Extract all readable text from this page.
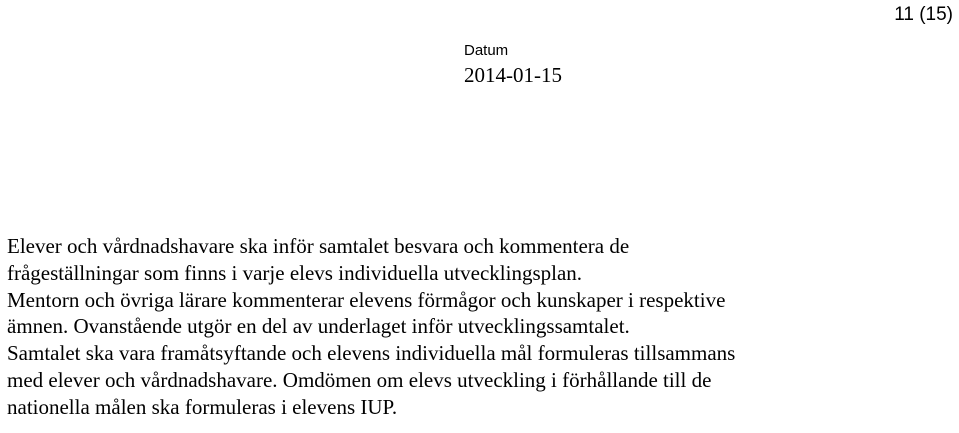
11 (15)
Datum
2014-01-15
Elever och vårdnadshavare ska inför samtalet besvara och kommentera de
frågeställningar som finns i varje elevs individuella utvecklingsplan.
Mentorn och övriga lärare kommenterar elevens förmågor och kunskaper i respektive
ämnen. Ovanstående utgör en del av underlaget inför utvecklingssamtalet.
Samtalet ska vara framåtsyftande och elevens individuella mål formuleras tillsammans
med elever och vårdnadshavare. Omdömen om elevs utveckling i förhållande till de
nationella målen ska formuleras i elevens IUP.
